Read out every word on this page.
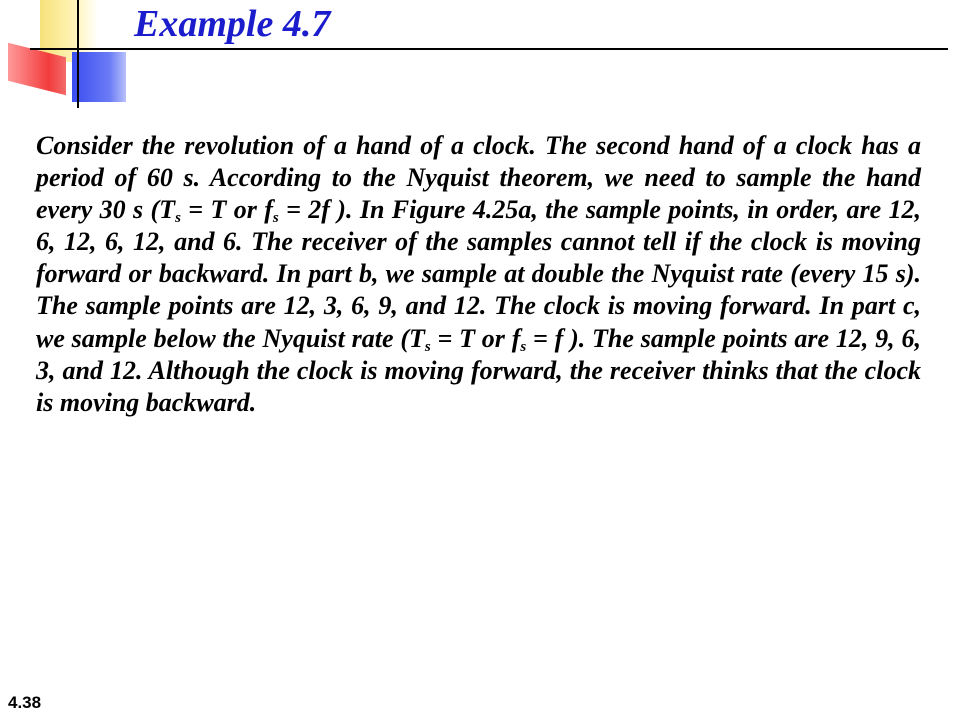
Example 4.7

Consider the revolution of a hand of a clock. The second hand of a clock has a period of 60 s. According to the Nyquist theorem, we need to sample the hand every 30 s ($T_s = T$ or $f_s = 2f$ ). In Figure 4.25a, the sample points, in order, are 12, 6, 12, 6, 12, and 6. The receiver of the samples cannot tell if the clock is moving forward or backward. In part b, we sample at double the Nyquist rate (every 15 s). The sample points are 12, 3, 6, 9, and 12. The clock is moving forward. In part c, we sample below the Nyquist rate ($T_s = T$ or $f_s = f$ ). The sample points are 12, 9, 6, 3, and 12. Although the clock is moving forward, the receiver thinks that the clock is moving backward.

4.38
